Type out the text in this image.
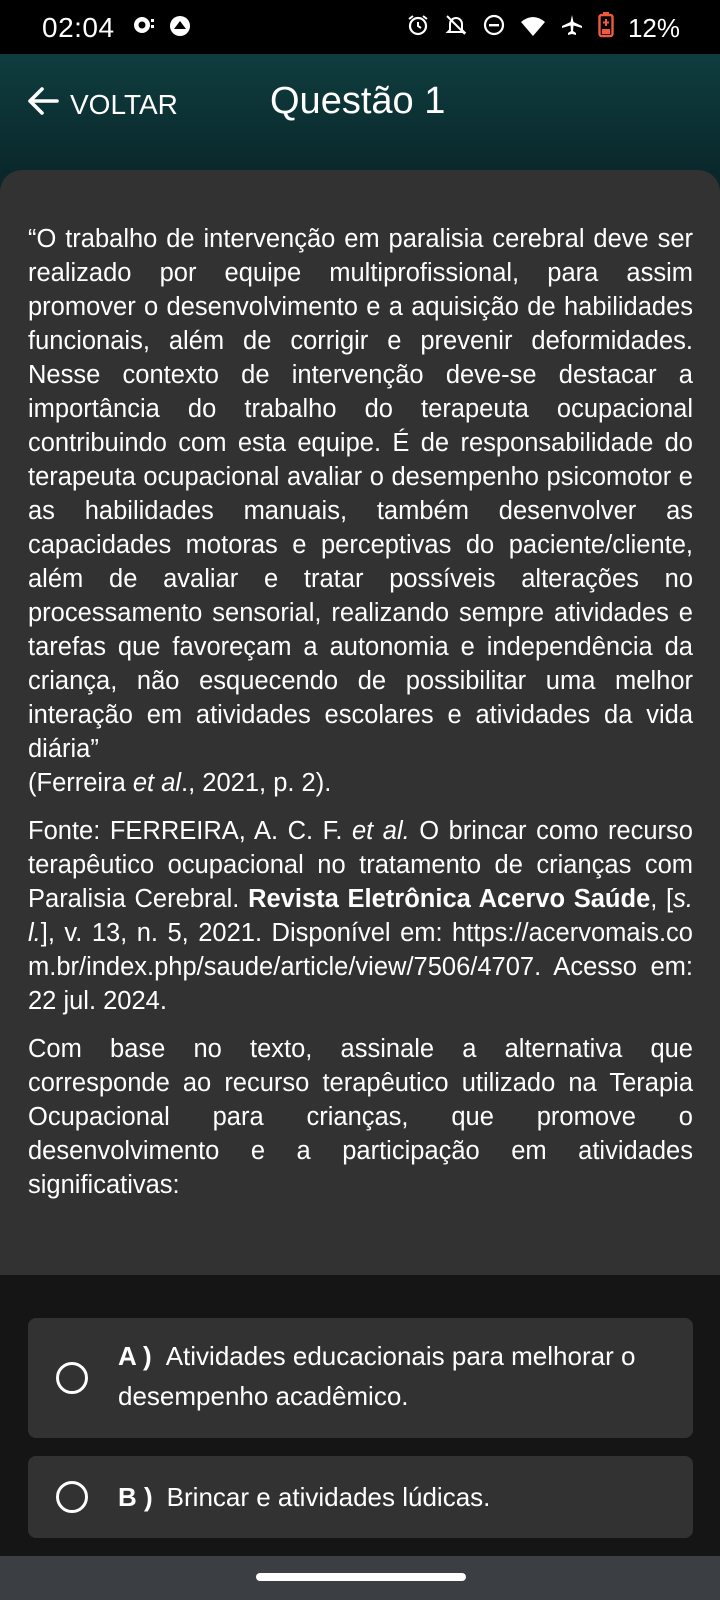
02:04	12%
VOLTAR Questão 1

“O trabalho de intervenção em paralisia cerebral deve ser realizado por equipe multiprofissional, para assim promover o desenvolvimento e a aquisição de habilidades funcionais, além de corrigir e prevenir deformidades. Nesse contexto de intervenção deve-se destacar a importância do trabalho do terapeuta ocupacional contribuindo com esta equipe. É de responsabilidade do terapeuta ocupacional avaliar o desempenho psicomotor e as habilidades manuais, também desenvolver as capacidades motoras e perceptivas do paciente/cliente, além de avaliar e tratar possíveis alterações no processamento sensorial, realizando sempre atividades e tarefas que favoreçam a autonomia e independência da criança, não esquecendo de possibilitar uma melhor interação em atividades escolares e atividades da vida diária”
(Ferreira et al., 2021, p. 2).

Fonte: FERREIRA, A. C. F. et al. O brincar como recurso terapêutico ocupacional no tratamento de crianças com Paralisia Cerebral. Revista Eletrônica Acervo Saúde, [s. l.], v. 13, n. 5, 2021. Disponível em: https://acervomais.com.br/index.php/saude/article/view/7506/4707. Acesso em: 22 jul. 2024.

Com base no texto, assinale a alternativa que corresponde ao recurso terapêutico utilizado na Terapia Ocupacional para crianças, que promove o desenvolvimento e a participação em atividades significativas:

A ) Atividades educacionais para melhorar o desempenho acadêmico.
B ) Brincar e atividades lúdicas.
